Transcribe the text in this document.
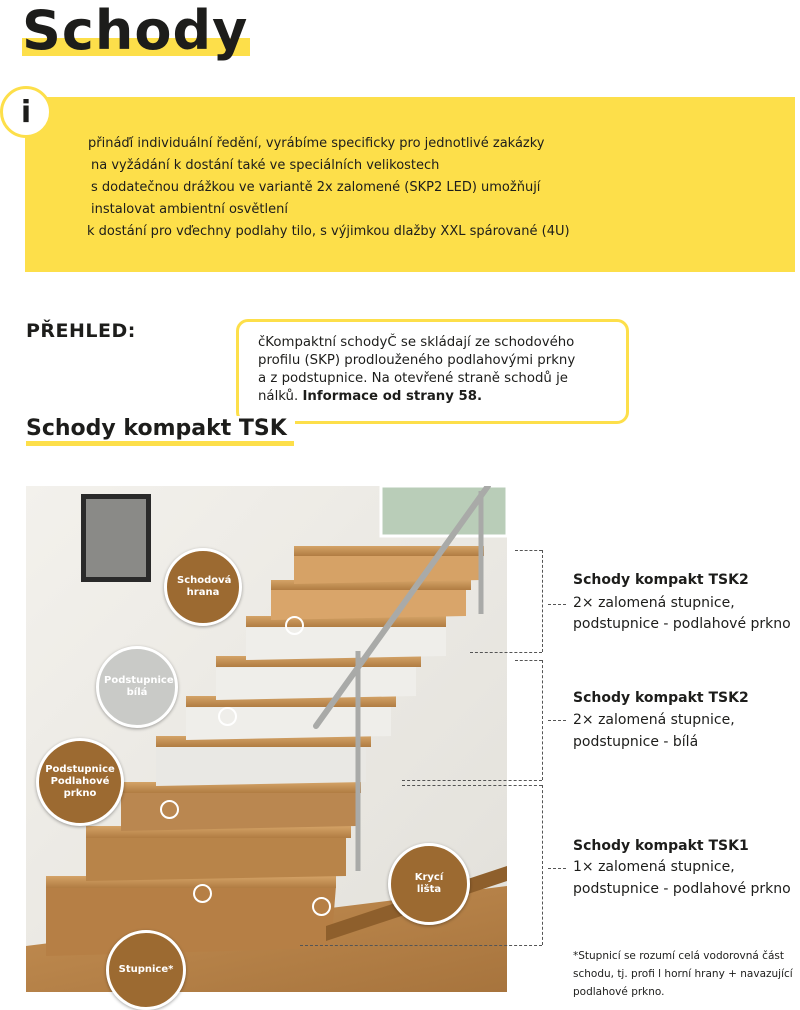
Schody
i
přináďí individuální ředění, vyrábíme specificky pro jednotlivé zakázky
na vyžádání k dostání také ve speciálních velikostech
s dodatečnou drážkou ve variantě 2x zalomené (SKP2 LED) umožňují
instalovat ambientní osvětlení
k dostání pro vďechny podlahy tilo, s výjimkou dlažby XXL spárované (4U)
PŘEHLED:

čKompaktní schodyČ se skládají ze schodového
profilu (SKP) prodlouženého podlahovými prkny
a z podstupnice. Na otevřené straně schodů je
nálků. Informace od strany 58.

Schody kompakt TSK
Schodová hrana
Podstupnice bílá
Podstupnice Podlahové prkno
Krycí lišta
Stupnice*
Schody kompakt TSK2
2× zalomená stupnice,
podstupnice - podlahové prkno
Schody kompakt TSK2
2× zalomená stupnice,
podstupnice - bílá
Schody kompakt TSK1
1× zalomená stupnice,
podstupnice - podlahové prkno

*Stupnicí se rozumí celá vodorovná část schodu, tj. profi l horní hrany + navazující podlahové prkno.
